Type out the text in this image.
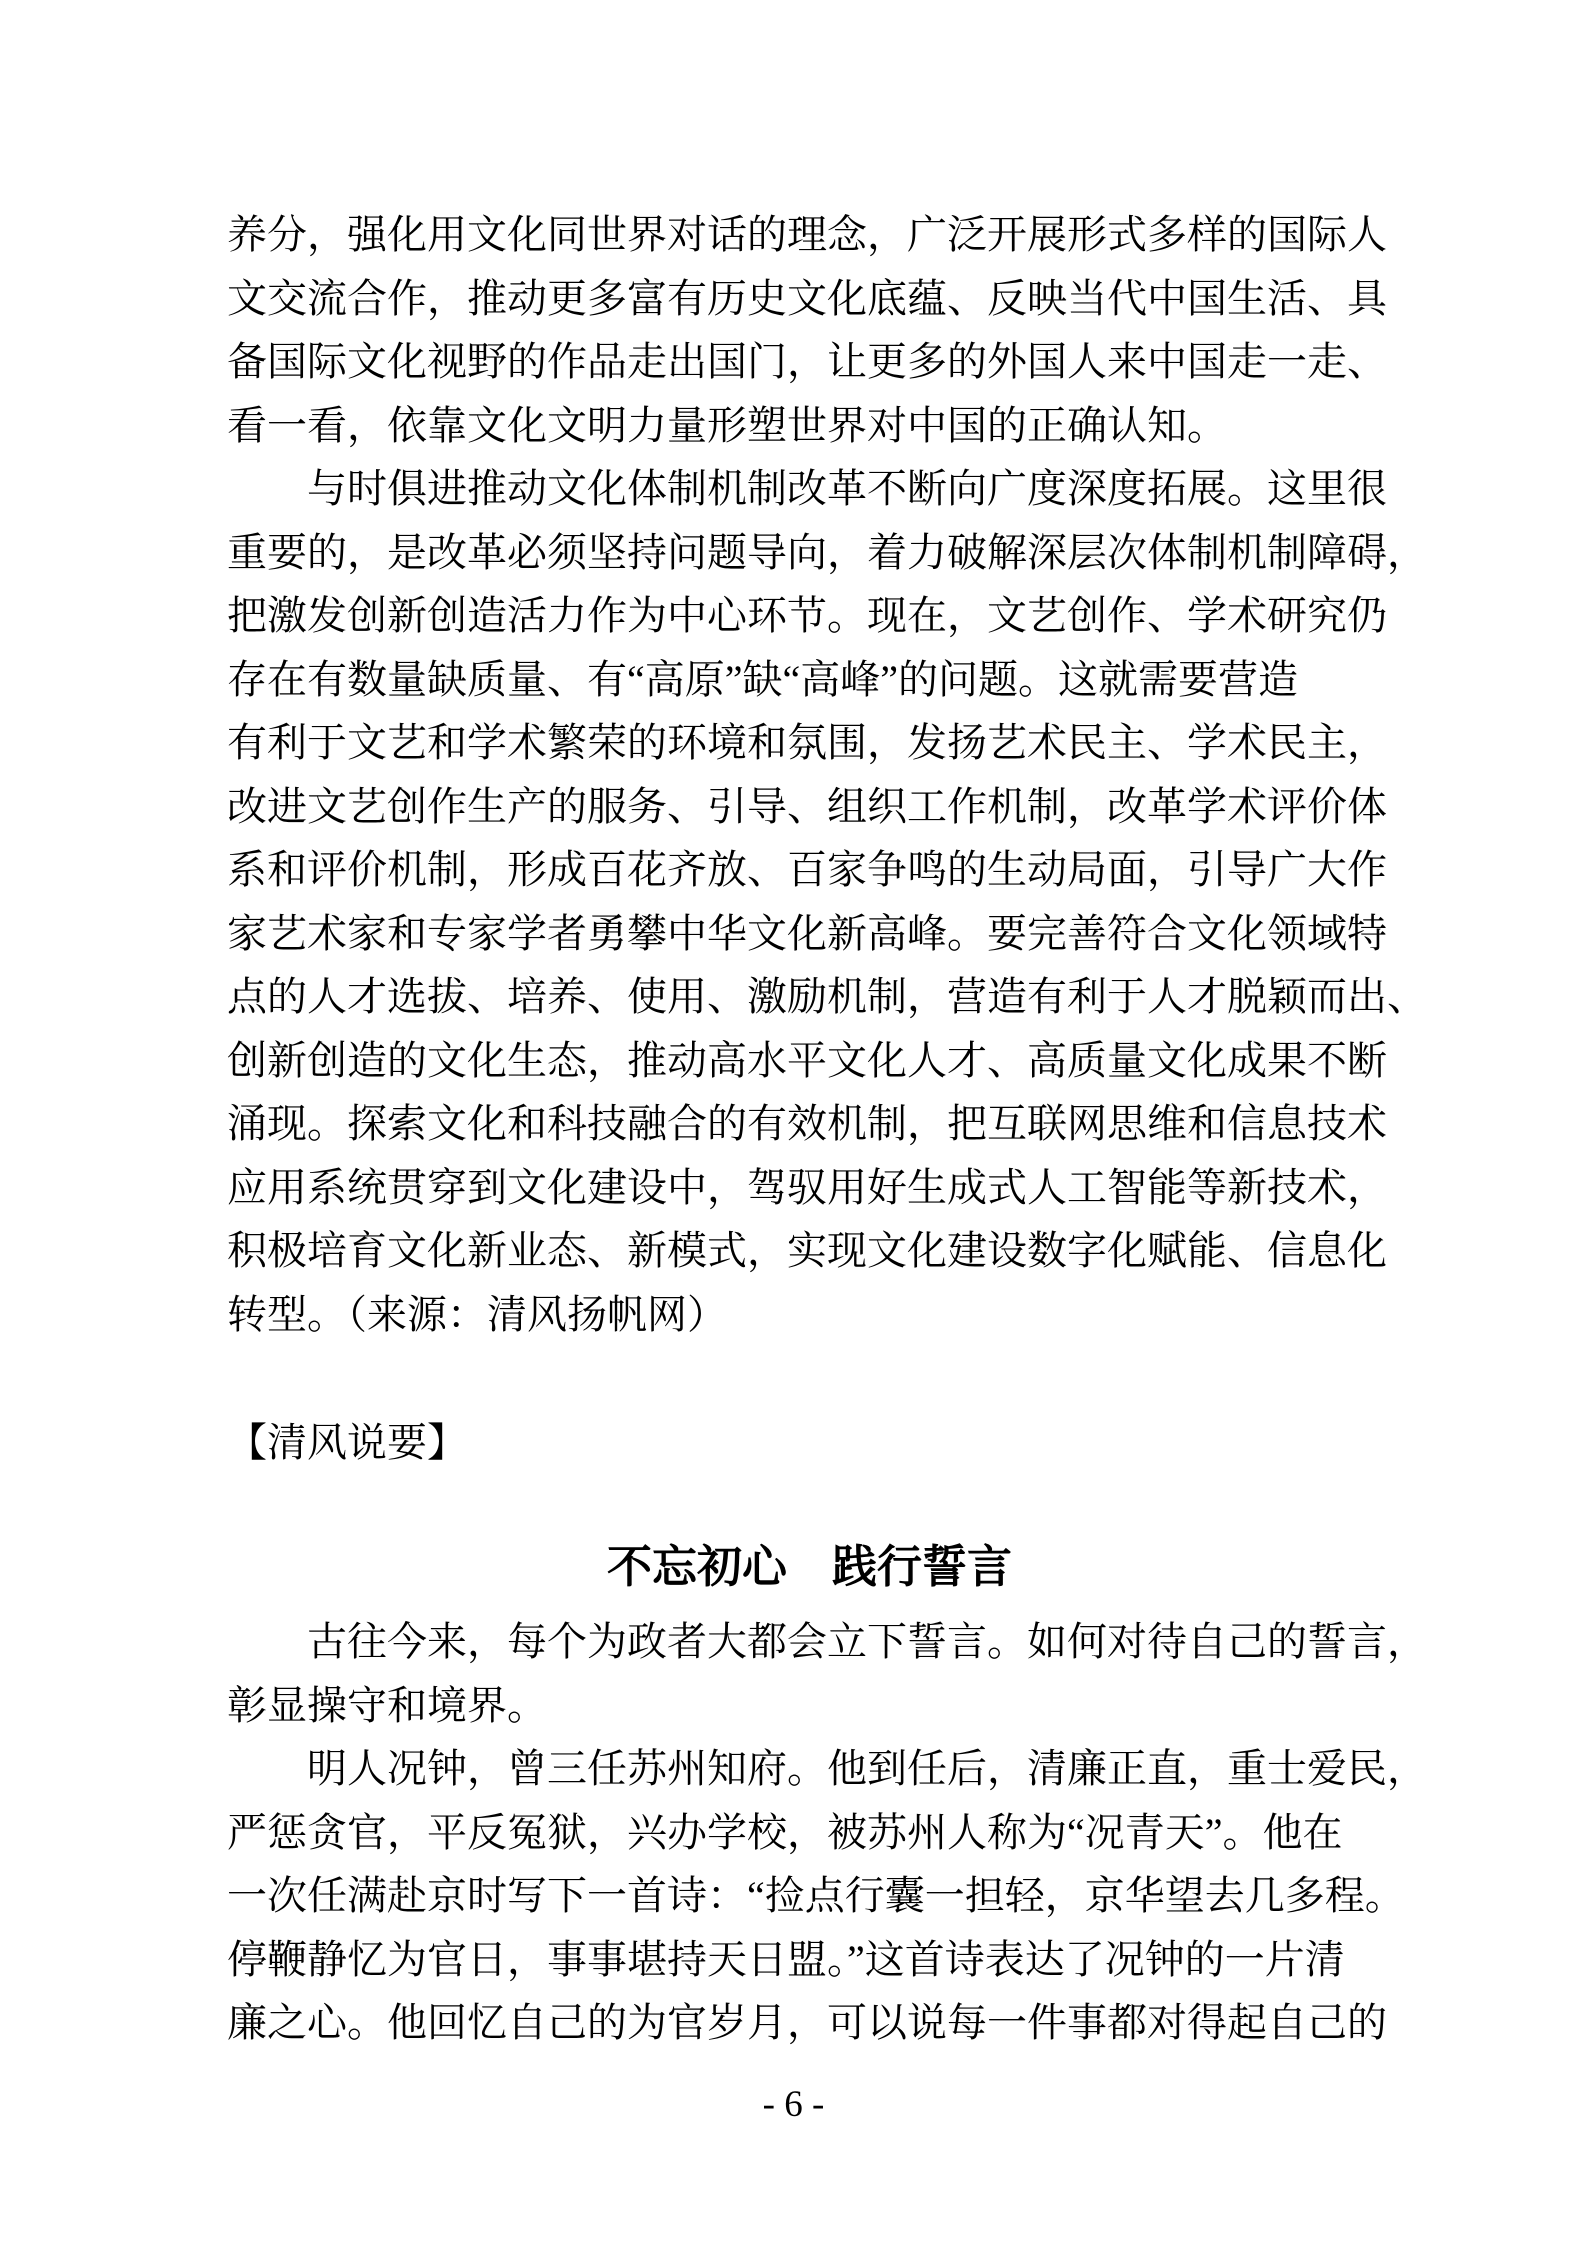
养分，强化用文化同世界对话的理念，广泛开展形式多样的国际人
文交流合作，推动更多富有历史文化底蕴、反映当代中国生活、具
备国际文化视野的作品走出国门，让更多的外国人来中国走一走、
看一看，依靠文化文明力量形塑世界对中国的正确认知。
与时俱进推动文化体制机制改革不断向广度深度拓展。这里很
重要的，是改革必须坚持问题导向，着力破解深层次体制机制障碍，
把激发创新创造活力作为中心环节。现在，文艺创作、学术研究仍
存在有数量缺质量、有“高原”缺“高峰”的问题。这就需要营造
有利于文艺和学术繁荣的环境和氛围，发扬艺术民主、学术民主，
改进文艺创作生产的服务、引导、组织工作机制，改革学术评价体
系和评价机制，形成百花齐放、百家争鸣的生动局面，引导广大作
家艺术家和专家学者勇攀中华文化新高峰。要完善符合文化领域特
点的人才选拔、培养、使用、激励机制，营造有利于人才脱颖而出、
创新创造的文化生态，推动高水平文化人才、高质量文化成果不断
涌现。探索文化和科技融合的有效机制，把互联网思维和信息技术
应用系统贯穿到文化建设中，驾驭用好生成式人工智能等新技术，
积极培育文化新业态、新模式，实现文化建设数字化赋能、信息化
转型。（来源：清风扬帆网）
【清风说要】
不忘初心　践行誓言
古往今来，每个为政者大都会立下誓言。如何对待自己的誓言，
彰显操守和境界。
明人况钟，曾三任苏州知府。他到任后，清廉正直，重士爱民，
严惩贪官，平反冤狱，兴办学校，被苏州人称为“况青天”。他在
一次任满赴京时写下一首诗：“捡点行囊一担轻，京华望去几多程。
停鞭静忆为官日，事事堪持天日盟。”这首诗表达了况钟的一片清
廉之心。他回忆自己的为官岁月，可以说每一件事都对得起自己的
- 6 -
